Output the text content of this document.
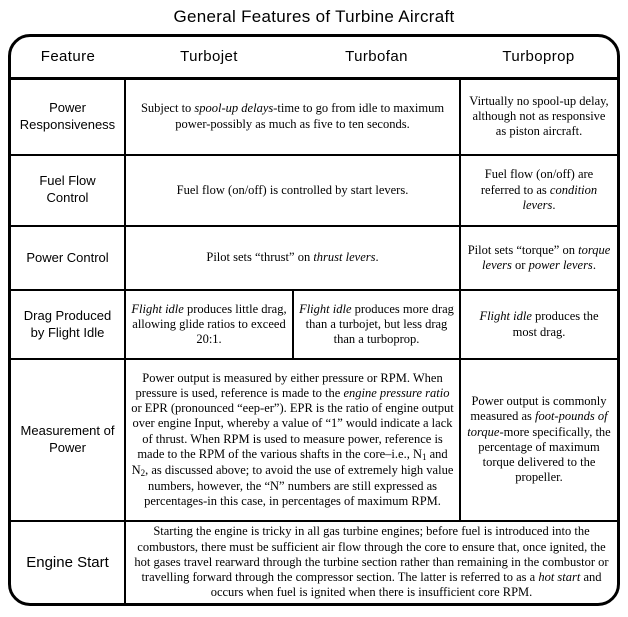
General Features of Turbine Aircraft
Feature	Turbojet	Turbofan	Turboprop
Power Responsiveness	Subject to spool-up delays-time to go from idle to maximum power-possibly as much as five to ten seconds.		Virtually no spool-up delay, although not as responsive as piston aircraft.
Fuel Flow Control	Fuel flow (on/off) is controlled by start levers.		Fuel flow (on/off) are referred to as condition levers.
Power Control	Pilot sets “thrust” on thrust levers.		Pilot sets “torque” on torque levers or power levers.
Drag Produced by Flight Idle	Flight idle produces little drag, allowing glide ratios to exceed 20:1.	Flight idle produces more drag than a turbojet, but less drag than a turboprop.	Flight idle produces the most drag.
Measurement of Power	Power output is measured by either pressure or RPM. When pressure is used, reference is made to the engine pressure ratio or EPR (pronounced “eep-er”). EPR is the ratio of engine output over engine Input, whereby a value of “1” would indicate a lack of thrust. When RPM is used to measure power, reference is made to the RPM of the various shafts in the core–i.e., $N_1$ and $N_2$, as discussed above; to avoid the use of extremely high value numbers, however, the “N” numbers are still expressed as percentages-in this case, in percentages of maximum RPM.		Power output is commonly measured as foot-pounds of torque-more specifically, the percentage of maximum torque delivered to the propeller.
Engine Start	Starting the engine is tricky in all gas turbine engines; before fuel is introduced into the combustors, there must be sufficient air flow through the core to ensure that, once ignited, the hot gases travel rearward through the turbine section rather than remaining in the combustor or travelling forward through the compressor section. The latter is referred to as a hot start and occurs when fuel is ignited when there is insufficient core RPM.		
